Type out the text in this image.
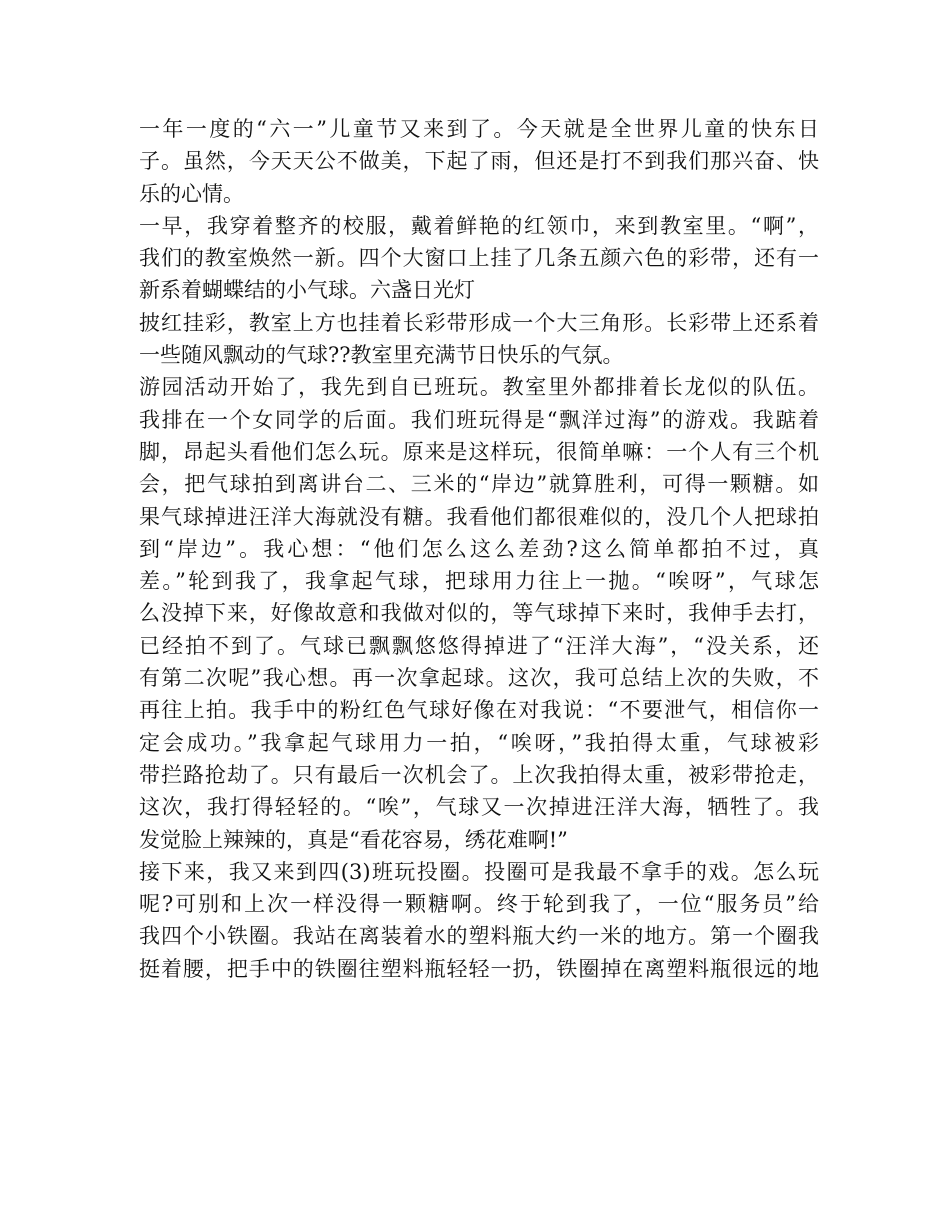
一年一度的“六一”儿童节又来到了。今天就是全世界儿童的快东日
子。虽然，今天天公不做美，下起了雨，但还是打不到我们那兴奋、快
乐的心情。
一早，我穿着整齐的校服，戴着鲜艳的红领巾，来到教室里。“啊”，
我们的教室焕然一新。四个大窗口上挂了几条五颜六色的彩带，还有一
新系着蝴蝶结的小气球。六盏日光灯
披红挂彩，教室上方也挂着长彩带形成一个大三角形。长彩带上还系着
一些随风飘动的气球??教室里充满节日快乐的气氛。
游园活动开始了，我先到自已班玩。教室里外都排着长龙似的队伍。
我排在一个女同学的后面。我们班玩得是“飘洋过海”的游戏。我踮着
脚，昂起头看他们怎么玩。原来是这样玩，很简单嘛：一个人有三个机
会，把气球拍到离讲台二、三米的“岸边”就算胜利，可得一颗糖。如
果气球掉进汪洋大海就没有糖。我看他们都很难似的，没几个人把球拍
到“岸边”。我心想：“他们怎么这么差劲?这么简单都拍不过，真
差。”轮到我了，我拿起气球，把球用力往上一抛。“唉呀”，气球怎
么没掉下来，好像故意和我做对似的，等气球掉下来时，我伸手去打，
已经拍不到了。气球已飘飘悠悠得掉进了“汪洋大海”，“没关系，还
有第二次呢”我心想。再一次拿起球。这次，我可总结上次的失败，不
再往上拍。我手中的粉红色气球好像在对我说：“不要泄气，相信你一
定会成功。”我拿起气球用力一拍，“唉呀，”我拍得太重，气球被彩
带拦路抢劫了。只有最后一次机会了。上次我拍得太重，被彩带抢走，
这次，我打得轻轻的。“唉”，气球又一次掉进汪洋大海，牺牲了。我
发觉脸上辣辣的，真是“看花容易，绣花难啊!”
接下来，我又来到四(3)班玩投圈。投圈可是我最不拿手的戏。怎么玩
呢?可别和上次一样没得一颗糖啊。终于轮到我了，一位“服务员”给
我四个小铁圈。我站在离装着水的塑料瓶大约一米的地方。第一个圈我
挺着腰，把手中的铁圈往塑料瓶轻轻一扔，铁圈掉在离塑料瓶很远的地
